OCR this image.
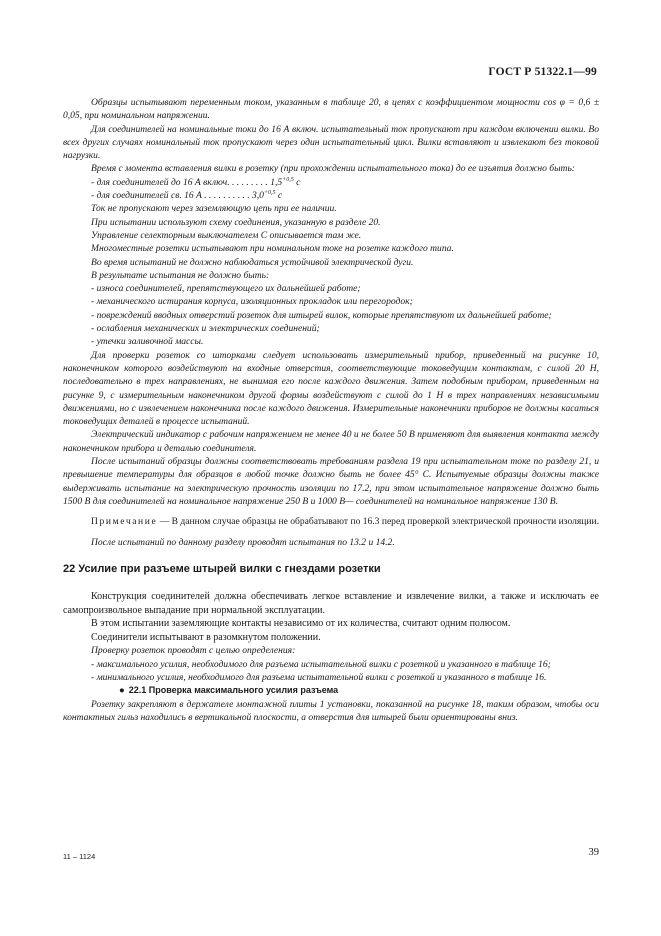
ГОСТ Р 51322.1—99

Образцы испытывают переменным током, указанным в таблице 20, в цепях с коэффициентом мощности cos φ = 0,6 ± 0,05, при номинальном напряжении.

Для соединителей на номинальные токи до 16 А включ. испытательный ток пропускают при каждом включении вилки. Во всех других случаях номинальный ток пропускают через один испытательный цикл. Вилки вставляют и извлекают без токовой нагрузки.

Время с момента вставления вилки в розетку (при прохождении испытательного тока) до ее изъятия должно быть:

- для соединителей до 16 А включ. . . . . . . . . $1,5^{+0,5}$ с

- для соединителей св. 16 А . . . . . . . . . . $3,0^{+0,5}$ с

Ток не пропускают через заземляющую цепь при ее наличии.

При испытании используют схему соединения, указанную в разделе 20.

Управление селекторным выключателем С описывается там же.

Многоместные розетки испытывают при номинальном токе на розетке каждого типа.

Во время испытаний не должно наблюдаться устойчивой электрической дуги.

В результате испытания не должно быть:

- износа соединителей, препятствующего их дальнейшей работе;

- механического истирания корпуса, изоляционных прокладок или перегородок;

- повреждений вводных отверстий розеток для штырей вилок, которые препятствуют их дальнейшей работе;

- ослабления механических и электрических соединений;

- утечки заливочной массы.

Для проверки розеток со шторками следует использовать измерительный прибор, приведенный на рисунке 10, наконечником которого воздействуют на входные отверстия, соответствующие токоведущим контактам, с силой 20 Н, последовательно в трех направлениях, не вынимая его после каждого движения. Затем подобным прибором, приведенным на рисунке 9, с измерительным наконечником другой формы воздействуют с силой до 1 Н в трех направлениях независимыми движениями, но с извлечением наконечника после каждого движения. Измерительные наконечники приборов не должны касаться токоведущих деталей в процессе испытаний.

Электрический индикатор с рабочим напряжением не менее 40 и не более 50 В применяют для выявления контакта между наконечником прибора и деталью соединителя.

После испытаний образцы должны соответствовать требованиям раздела 19 при испытательном токе по разделу 21, и превышение температуры для образцов в любой точке должно быть не более 45° С. Испытуемые образцы должны также выдерживать испытание на электрическую прочность изоляции по 17.2, при этом испытательное напряжение должно быть 1500 В для соединителей на номинальное напряжение 250 В и 1000 В— соединителей на номинальное напряжение 130 В.

Примечание — В данном случае образцы не обрабатывают по 16.3 перед проверкой электрической прочности изоляции.

После испытаний по данному разделу проводят испытания по 13.2 и 14.2.

22 Усилие при разъеме штырей вилки с гнездами розетки

Конструкция соединителей должна обеспечивать легкое вставление и извлечение вилки, а также и исключать ее самопроизвольное выпадание при нормальной эксплуатации.

В этом испытании заземляющие контакты независимо от их количества, считают одним полюсом.

Соединители испытывают в разомкнутом положении.

Проверку розеток проводят с целью определения:

- максимального усилия, необходимого для разъема испытательной вилки с розеткой и указанного в таблице 16;

- минимального усилия, необходимого для разъема испытательной вилки с розеткой и указанного в таблице 16.

● 22.1 Проверка максимального усилия разъема

Розетку закрепляют в держателе монтажной плиты 1 установки, показанной на рисунке 18, таким образом, чтобы оси контактных гильз находились в вертикальной плоскости, а отверстия для штырей были ориентированы вниз.

11 – 1124	39
